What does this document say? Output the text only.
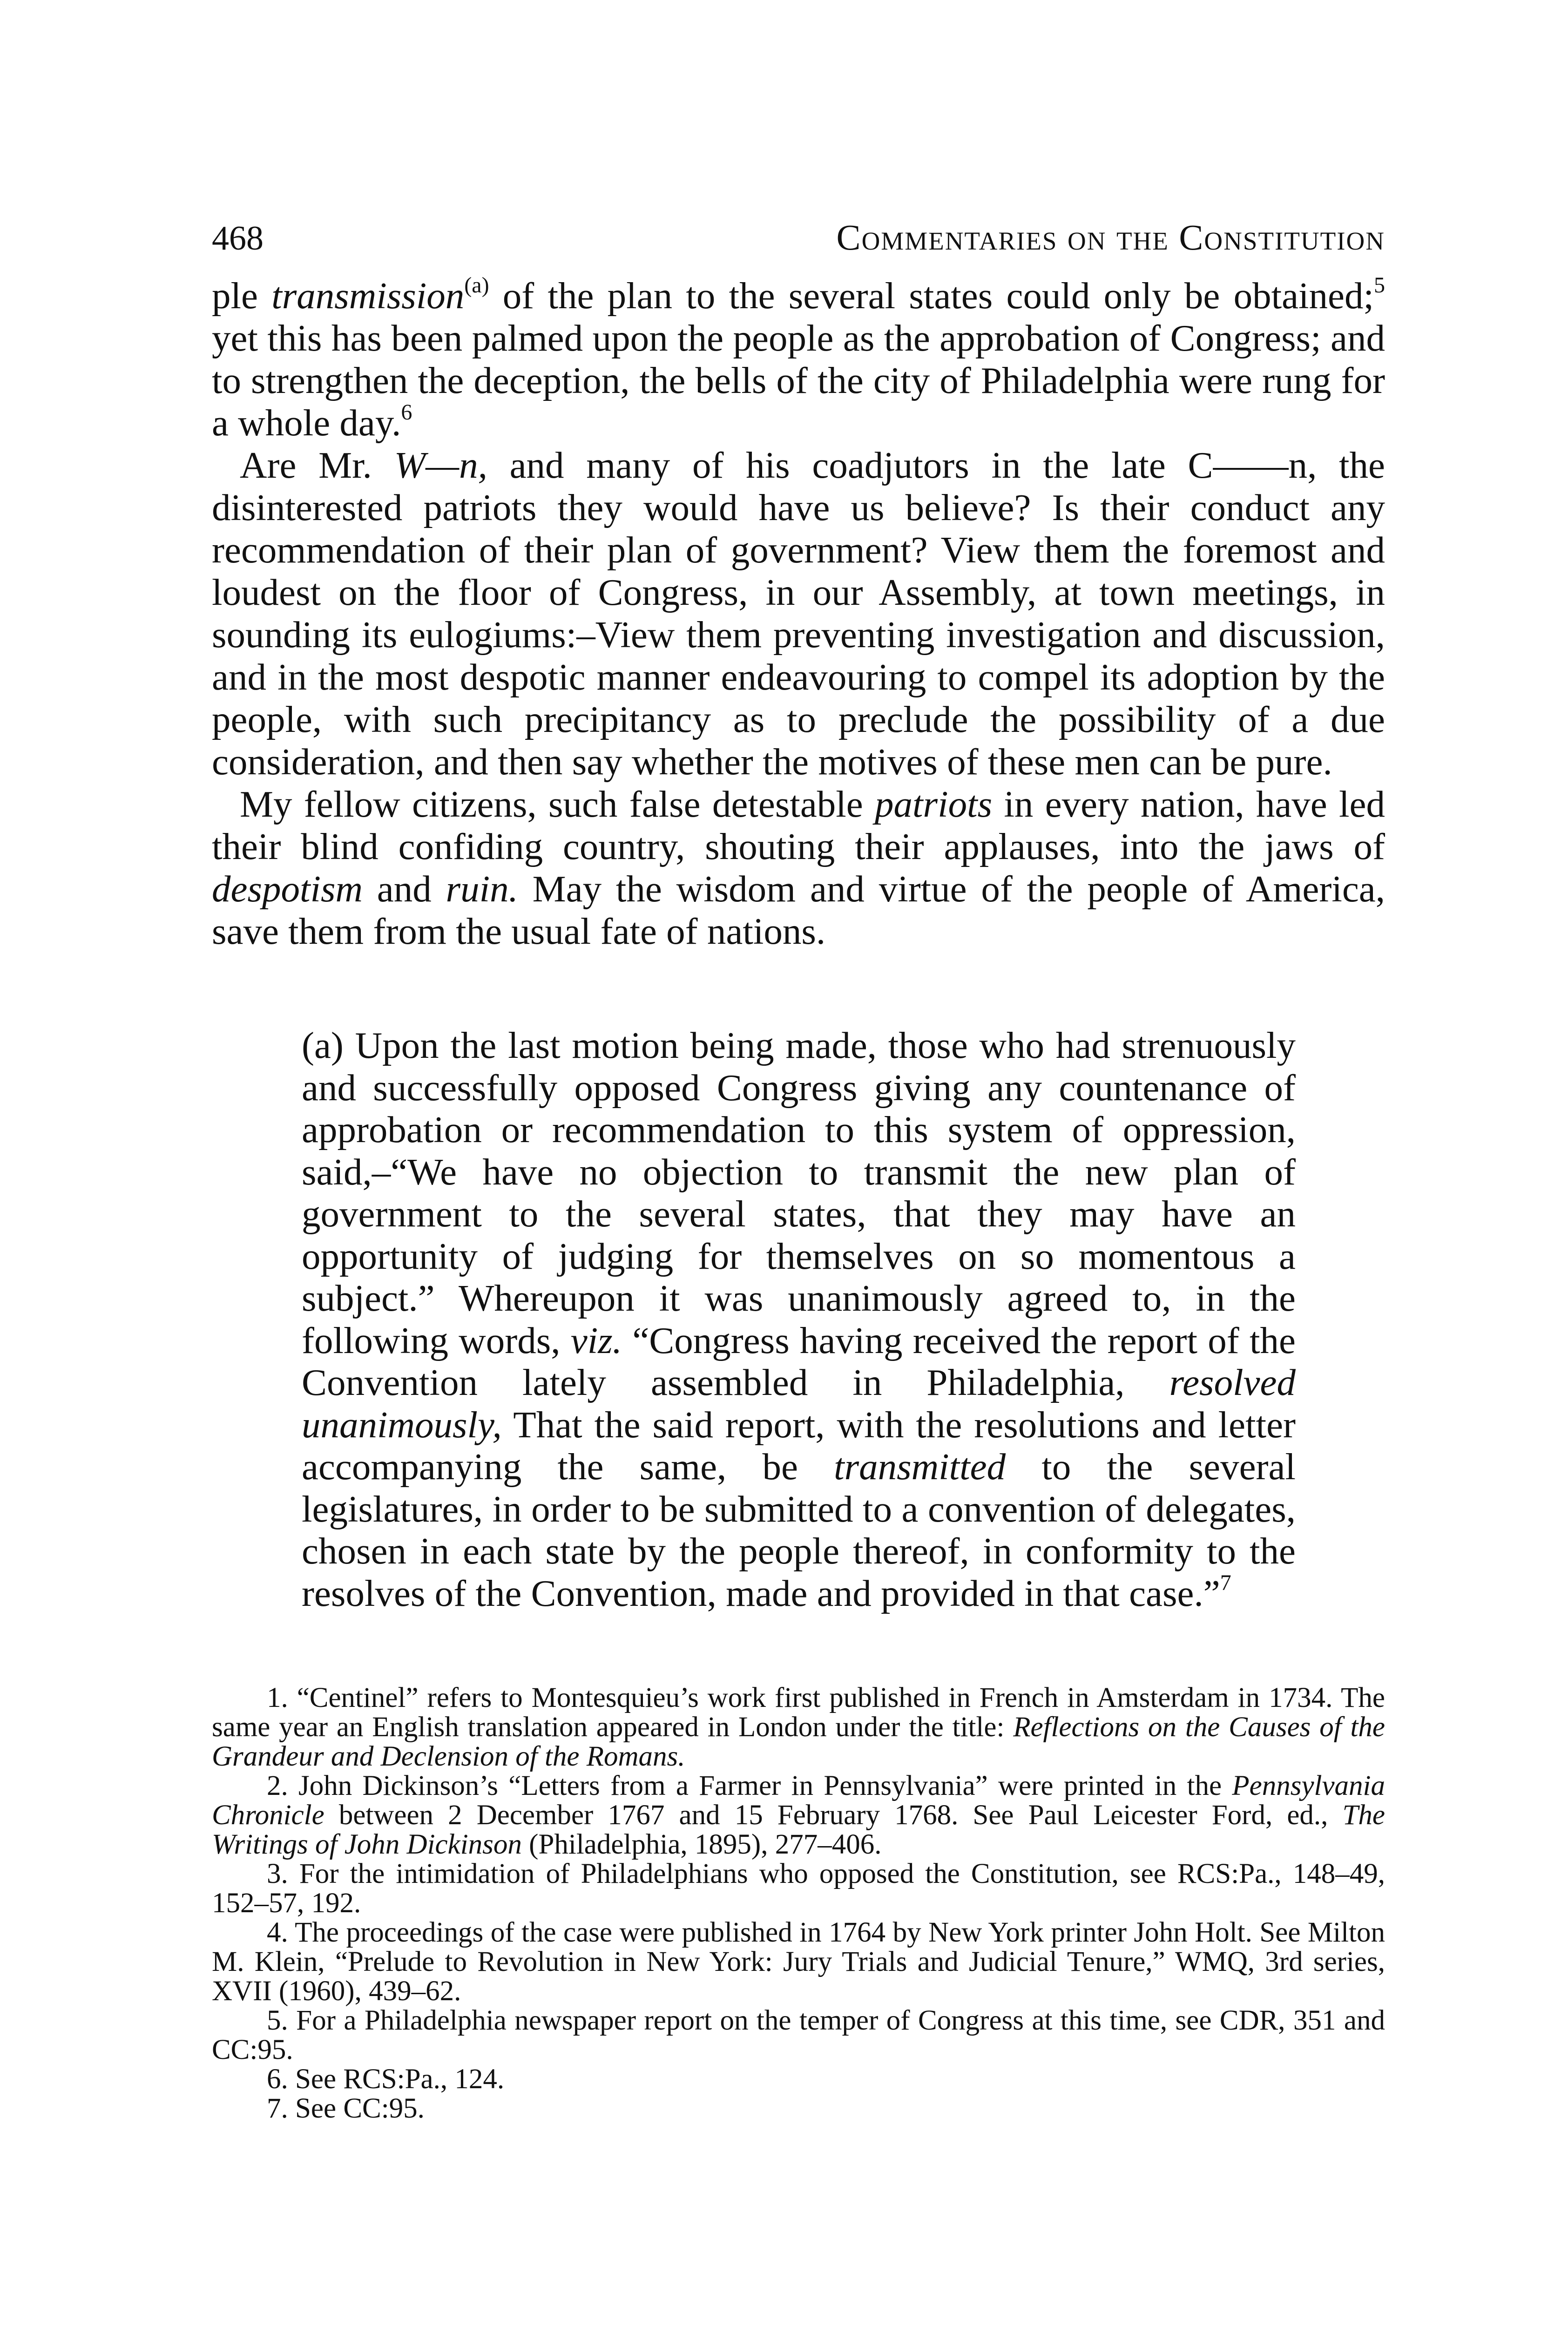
468	Commentaries on the Constitution

ple transmission$^{(a)}$ of the plan to the several states could only be obtained;$^5$ yet this has been palmed upon the people as the approbation of Congress; and to strengthen the deception, the bells of the city of Philadelphia were rung for a whole day.$^6$

Are Mr. W—n, and many of his coadjutors in the late C——n, the disinterested patriots they would have us believe? Is their conduct any recommendation of their plan of government? View them the foremost and loudest on the floor of Congress, in our Assembly, at town meetings, in sounding its eulogiums:–View them preventing investigation and discussion, and in the most despotic manner endeavouring to compel its adoption by the people, with such precipitancy as to preclude the possibility of a due consideration, and then say whether the motives of these men can be pure.

My fellow citizens, such false detestable patriots in every nation, have led their blind confiding country, shouting their applauses, into the jaws of despotism and ruin. May the wisdom and virtue of the people of America, save them from the usual fate of nations.

(a) Upon the last motion being made, those who had strenuously and successfully opposed Congress giving any countenance of approbation or recommendation to this system of oppression, said,–“We have no objection to transmit the new plan of government to the several states, that they may have an opportunity of judging for themselves on so momentous a subject.” Whereupon it was unanimously agreed to, in the following words, viz. “Congress having received the report of the Convention lately assembled in Philadelphia, resolved unanimously, That the said report, with the resolutions and letter accompanying the same, be transmitted to the several legislatures, in order to be submitted to a convention of delegates, chosen in each state by the people thereof, in conformity to the resolves of the Convention, made and provided in that case.”$^7$

1. “Centinel” refers to Montesquieu’s work first published in French in Amsterdam in 1734. The same year an English translation appeared in London under the title: Reflections on the Causes of the Grandeur and Declension of the Romans.

2. John Dickinson’s “Letters from a Farmer in Pennsylvania” were printed in the Pennsylvania Chronicle between 2 December 1767 and 15 February 1768. See Paul Leicester Ford, ed., The Writings of John Dickinson (Philadelphia, 1895), 277–406.

3. For the intimidation of Philadelphians who opposed the Constitution, see RCS:Pa., 148–49, 152–57, 192.

4. The proceedings of the case were published in 1764 by New York printer John Holt. See Milton M. Klein, “Prelude to Revolution in New York: Jury Trials and Judicial Tenure,” WMQ, 3rd series, XVII (1960), 439–62.

5. For a Philadelphia newspaper report on the temper of Congress at this time, see CDR, 351 and CC:95.

6. See RCS:Pa., 124.

7. See CC:95.
